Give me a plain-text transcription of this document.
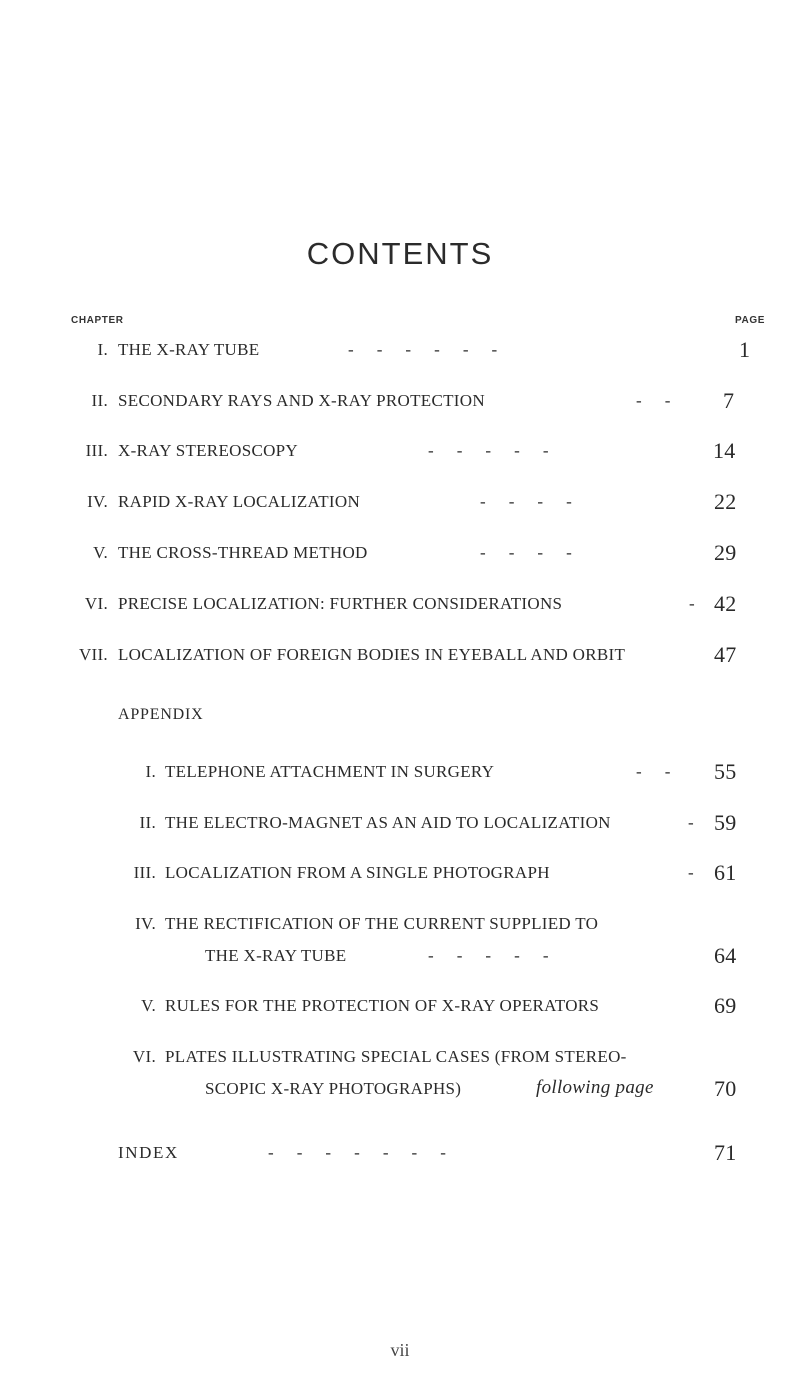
CONTENTS
CHAPTER	PAGE
I. THE X-RAY TUBE	-     -     -     -     -     -	1
II. SECONDARY RAYS AND X-RAY PROTECTION	-     - 7
III. X-RAY STEREOSCOPY	-     -     -     -     -	14
IV. RAPID X-RAY LOCALIZATION	-     -     -     -	22
V. THE CROSS-THREAD METHOD	-     -     -     -	29
VI. PRECISE LOCALIZATION: FURTHER CONSIDERATIONS	- 42
VII. LOCALIZATION OF FOREIGN BODIES IN EYEBALL AND ORBIT	47
APPENDIX
I. TELEPHONE ATTACHMENT IN SURGERY	-     - 55
II. THE ELECTRO-MAGNET AS AN AID TO LOCALIZATION	- 59
III. LOCALIZATION FROM A SINGLE PHOTOGRAPH	- 61
IV. THE RECTIFICATION OF THE CURRENT SUPPLIED TO
THE X-RAY TUBE	-     -     -     -     -	64
V. RULES FOR THE PROTECTION OF X-RAY OPERATORS	69
VI. PLATES ILLUSTRATING SPECIAL CASES (FROM STEREO-
SCOPIC X-RAY PHOTOGRAPHS)	following page	70
INDEX	-     -     -     -     -     -     -	71
vii
